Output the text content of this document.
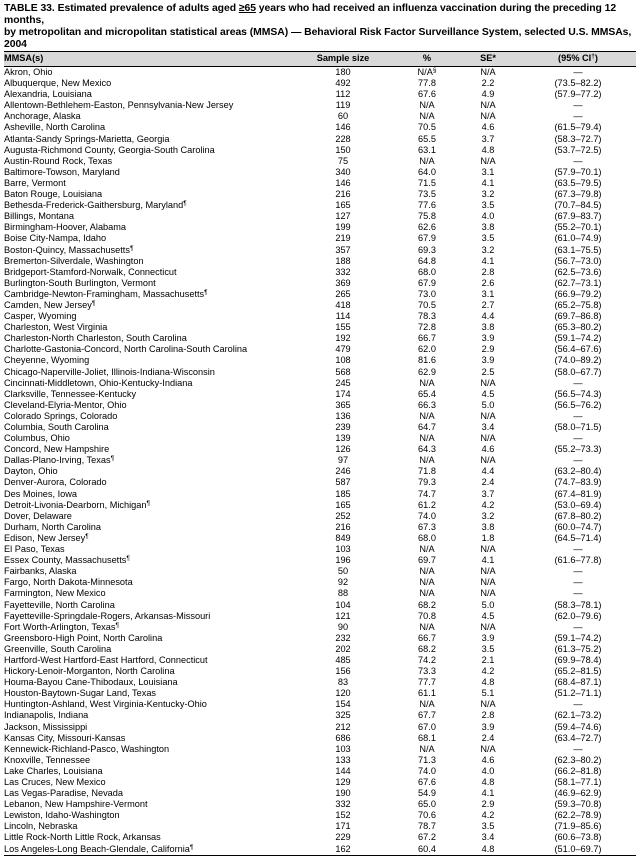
TABLE 33. Estimated prevalence of adults aged ≥65 years who had received an influenza vaccination during the preceding 12 months,
by metropolitan and micropolitan statistical areas (MMSA) — Behavioral Risk Factor Surveillance System, selected U.S. MMSAs, 2004
MMSA(s)	Sample size	%	SE*	(95% CI†)
Akron, Ohio	180	N/A§	N/A	—
Albuquerque, New Mexico	492	77.8	2.2	(73.5–82.2)
Alexandria, Louisiana	112	67.6	4.9	(57.9–77.2)
Allentown-Bethlehem-Easton, Pennsylvania-New Jersey	119	N/A	N/A	—
Anchorage, Alaska	60	N/A	N/A	—
Asheville, North Carolina	146	70.5	4.6	(61.5–79.4)
Atlanta-Sandy Springs-Marietta, Georgia	228	65.5	3.7	(58.3–72.7)
Augusta-Richmond County, Georgia-South Carolina	150	63.1	4.8	(53.7–72.5)
Austin-Round Rock, Texas	75	N/A	N/A	—
Baltimore-Towson, Maryland	340	64.0	3.1	(57.9–70.1)
Barre, Vermont	146	71.5	4.1	(63.5–79.5)
Baton Rouge, Louisiana	216	73.5	3.2	(67.3–79.8)
Bethesda-Frederick-Gaithersburg, Maryland¶	165	77.6	3.5	(70.7–84.5)
Billings, Montana	127	75.8	4.0	(67.9–83.7)
Birmingham-Hoover, Alabama	199	62.6	3.8	(55.2–70.1)
Boise City-Nampa, Idaho	219	67.9	3.5	(61.0–74.9)
Boston-Quincy, Massachusetts¶	357	69.3	3.2	(63.1–75.5)
Bremerton-Silverdale, Washington	188	64.8	4.1	(56.7–73.0)
Bridgeport-Stamford-Norwalk, Connecticut	332	68.0	2.8	(62.5–73.6)
Burlington-South Burlington, Vermont	369	67.9	2.6	(62.7–73.1)
Cambridge-Newton-Framingham, Massachusetts¶	265	73.0	3.1	(66.9–79.2)
Camden, New Jersey¶	418	70.5	2.7	(65.2–75.8)
Casper, Wyoming	114	78.3	4.4	(69.7–86.8)
Charleston, West Virginia	155	72.8	3.8	(65.3–80.2)
Charleston-North Charleston, South Carolina	192	66.7	3.9	(59.1–74.2)
Charlotte-Gastonia-Concord, North Carolina-South Carolina	479	62.0	2.9	(56.4–67.6)
Cheyenne, Wyoming	108	81.6	3.9	(74.0–89.2)
Chicago-Naperville-Joliet, Illinois-Indiana-Wisconsin	568	62.9	2.5	(58.0–67.7)
Cincinnati-Middletown, Ohio-Kentucky-Indiana	245	N/A	N/A	—
Clarksville, Tennessee-Kentucky	174	65.4	4.5	(56.5–74.3)
Cleveland-Elyria-Mentor, Ohio	365	66.3	5.0	(56.5–76.2)
Colorado Springs, Colorado	136	N/A	N/A	—
Columbia, South Carolina	239	64.7	3.4	(58.0–71.5)
Columbus, Ohio	139	N/A	N/A	—
Concord, New Hampshire	126	64.3	4.6	(55.2–73.3)
Dallas-Plano-Irving, Texas¶	97	N/A	N/A	—
Dayton, Ohio	246	71.8	4.4	(63.2–80.4)
Denver-Aurora, Colorado	587	79.3	2.4	(74.7–83.9)
Des Moines, Iowa	185	74.7	3.7	(67.4–81.9)
Detroit-Livonia-Dearborn, Michigan¶	165	61.2	4.2	(53.0–69.4)
Dover, Delaware	252	74.0	3.2	(67.8–80.2)
Durham, North Carolina	216	67.3	3.8	(60.0–74.7)
Edison, New Jersey¶	849	68.0	1.8	(64.5–71.4)
El Paso, Texas	103	N/A	N/A	—
Essex County, Massachusetts¶	196	69.7	4.1	(61.6–77.8)
Fairbanks, Alaska	50	N/A	N/A	—
Fargo, North Dakota-Minnesota	92	N/A	N/A	—
Farmington, New Mexico	88	N/A	N/A	—
Fayetteville, North Carolina	104	68.2	5.0	(58.3–78.1)
Fayetteville-Springdale-Rogers, Arkansas-Missouri	121	70.8	4.5	(62.0–79.6)
Fort Worth-Arlington, Texas¶	90	N/A	N/A	—
Greensboro-High Point, North Carolina	232	66.7	3.9	(59.1–74.2)
Greenville, South Carolina	202	68.2	3.5	(61.3–75.2)
Hartford-West Hartford-East Hartford, Connecticut	485	74.2	2.1	(69.9–78.4)
Hickory-Lenoir-Morganton, North Carolina	156	73.3	4.2	(65.2–81.5)
Houma-Bayou Cane-Thibodaux, Louisiana	83	77.7	4.8	(68.4–87.1)
Houston-Baytown-Sugar Land, Texas	120	61.1	5.1	(51.2–71.1)
Huntington-Ashland, West Virginia-Kentucky-Ohio	154	N/A	N/A	—
Indianapolis, Indiana	325	67.7	2.8	(62.1–73.2)
Jackson, Mississippi	212	67.0	3.9	(59.4–74.6)
Kansas City, Missouri-Kansas	686	68.1	2.4	(63.4–72.7)
Kennewick-Richland-Pasco, Washington	103	N/A	N/A	—
Knoxville, Tennessee	133	71.3	4.6	(62.3–80.2)
Lake Charles, Louisiana	144	74.0	4.0	(66.2–81.8)
Las Cruces, New Mexico	129	67.6	4.8	(58.1–77.1)
Las Vegas-Paradise, Nevada	190	54.9	4.1	(46.9–62.9)
Lebanon, New Hampshire-Vermont	332	65.0	2.9	(59.3–70.8)
Lewiston, Idaho-Washington	152	70.6	4.2	(62.2–78.9)
Lincoln, Nebraska	171	78.7	3.5	(71.9–85.6)
Little Rock-North Little Rock, Arkansas	229	67.2	3.4	(60.6–73.8)
Los Angeles-Long Beach-Glendale, California¶	162	60.4	4.8	(51.0–69.7)
